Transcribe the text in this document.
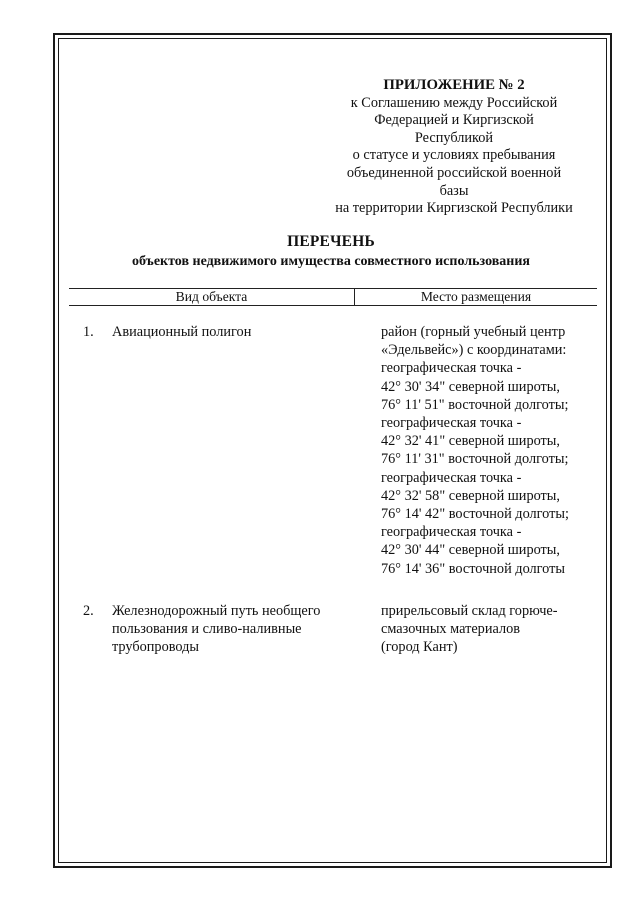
ПРИЛОЖЕНИЕ № 2
к Соглашению между Российской
Федерацией и Киргизской
Республикой
о статусе и условиях пребывания
объединенной российской военной
базы
на территории Киргизской Республики
ПЕРЕЧЕНЬ
объектов недвижимого имущества совместного использования
Вид объекта	Место размещения
1. Авиационный полигон	район (горный учебный центр
«Эдельвейс») с координатами:
географическая точка -
42° 30' 34" северной широты,
76° 11' 51" восточной долготы;
географическая точка -
42° 32' 41" северной широты,
76° 11' 31" восточной долготы;
географическая точка -
42° 32' 58" северной широты,
76° 14' 42" восточной долготы;
географическая точка -
42° 30' 44" северной широты,
76° 14' 36" восточной долготы
2. Железнодорожный путь необщего
пользования и сливо-наливные
трубопроводы
прирельсовый склад горюче-
смазочных материалов
(город Кант)
